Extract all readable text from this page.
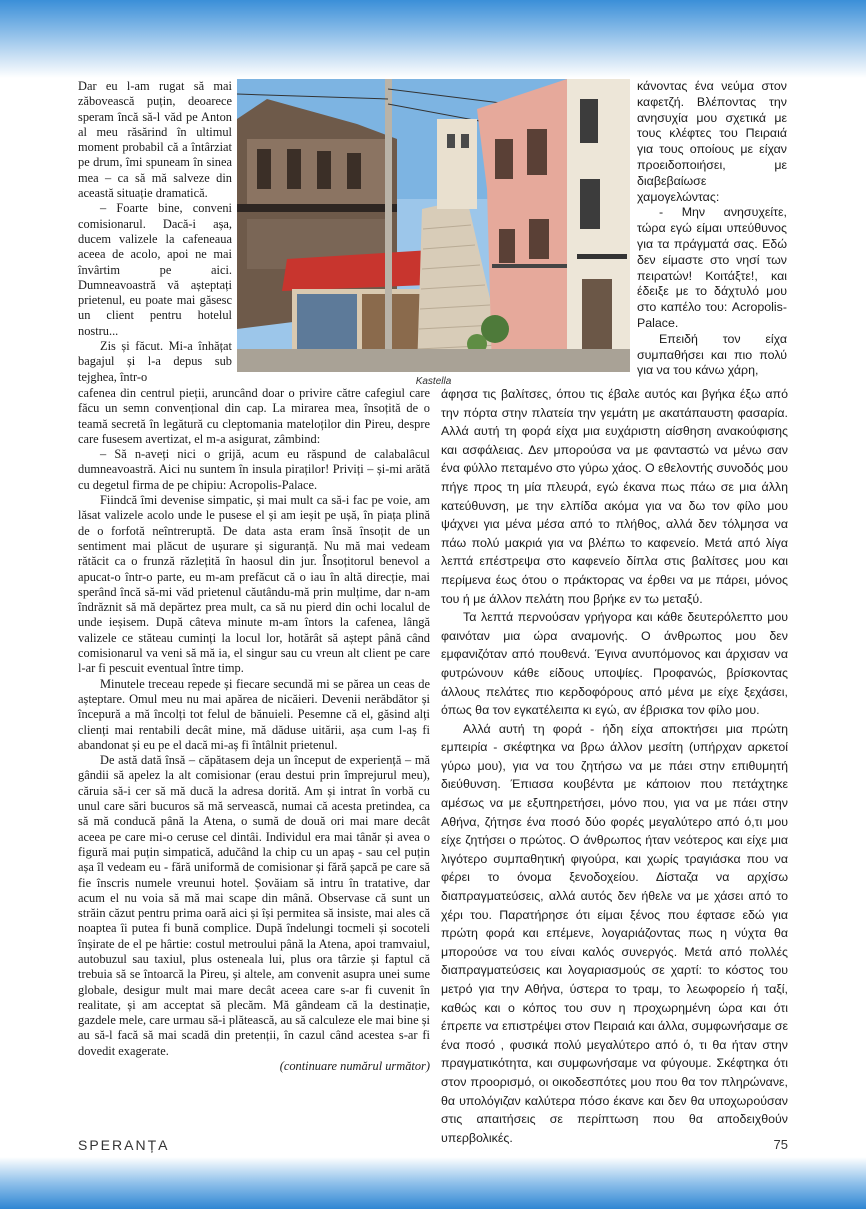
Dar eu l-am rugat să mai zăbovească puțin, deoarece speram încă să-l văd pe Anton al meu răsărind în ultimul moment probabil că a întârziat pe drum, îmi spuneam în sinea mea – ca să mă salveze din această situație dramatică.

– Foarte bine, conveni comisionarul. Dacă-i așa, ducem valizele la cafeneaua aceea de acolo, apoi ne mai învârtim pe aici. Dumneavoastră vă așteptați prietenul, eu poate mai găsesc un client pentru hotelul nostru...

Zis și făcut. Mi-a înhățat bagajul și l-a depus sub tejghea, într-o	Kastella

κάνοντας ένα νεύμα στον καφετζή. Βλέποντας την ανησυχία μου σχετικά με τους κλέφτες του Πειραιά για τους οποίους με είχαν προειδοποιήσει, με διαβεβαίωσε χαμογελώντας:

- Μην ανησυχείτε, τώρα εγώ είμαι υπεύθυνος για τα πράγματά σας. Εδώ δεν είμαστε στο νησί των πειρατών! Κοιτάξτε!, και έδειξε με το δάχτυλό μου στο καπέλο του: Acropolis-Palace.

Επειδή τον είχα συμπαθήσει και πιο πολύ για να του κάνω χάρη,

cafenea din centrul pieții, aruncând doar o privire către cafegiul care făcu un semn convențional din cap. La mirarea mea, însoțită de o teamă secretă în legătură cu cleptomania mateloților din Pireu, despre care fusesem avertizat, el m-a asigurat, zâmbind:

– Să n-aveți nici o grijă, acum eu răspund de calabalâcul dumneavoastră. Aici nu suntem în insula piraților! Priviți – și-mi arătă cu degetul firma de pe chipiu: Acropolis-Palace.

Fiindcă îmi devenise simpatic, și mai mult ca să-i fac pe voie, am lăsat valizele acolo unde le pusese el și am ieșit pe ușă, în piața plină de o forfotă neîntreruptă. De data asta eram însă însoțit de un sentiment mai plăcut de ușurare și siguranță. Nu mă mai vedeam rătăcit ca o frunză răzlețită în haosul din jur. Însoțitorul benevol a apucat-o într-o parte, eu m-am prefăcut că o iau în altă direcție, mai sperând încă să-mi văd prietenul căutându-mă prin mulțime, dar n-am îndrăznit să mă depărtez prea mult, ca să nu pierd din ochi localul de unde ieșisem. După câteva minute m-am întors la cafenea, lângă valizele ce stăteau cuminți la locul lor, hotărât să aștept până când comisionarul va veni să mă ia, el singur sau cu vreun alt client pe care l-ar fi pescuit eventual între timp.

Minutele treceau repede și fiecare secundă mi se părea un ceas de așteptare. Omul meu nu mai apărea de nicăieri. Devenii nerăbdător și începură a mă încolți tot felul de bănuieli. Pesemne că el, găsind alți clienți mai rentabili decât mine, mă dăduse uitării, așa cum l-aș fi abandonat și eu pe el dacă mi-aș fi întâlnit prietenul.

De astă dată însă – căpătasem deja un început de experiență – mă gândii să apelez la alt comisionar (erau destui prin împrejurul meu), căruia să-i cer să mă ducă la adresa dorită. Am și intrat în vorbă cu unul care sări bucuros să mă servească, numai că acesta pretindea, ca să mă conducă până la Atena, o sumă de două ori mai mare decât aceea pe care mi-o ceruse cel dintâi. Individul era mai tânăr și avea o figură mai puțin simpatică, adučând la chip cu un apaș - sau cel puțin așa îl vedeam eu - fără uniformă de comisionar și fără șapcă pe care să fie înscris numele vreunui hotel. Șovăiam să intru în tratative, dar acum el nu voia să mă mai scape din mână. Observase că sunt un străin căzut pentru prima oară aici și își permitea să insiste, mai ales că noaptea îi putea fi bună complice. După îndelungi tocmeli și socoteli înșirate de el pe hârtie: costul metroului până la Atena, apoi tramvaiul, autobuzul sau taxiul, plus osteneala lui, plus ora târzie și faptul că trebuia să se întoarcă la Pireu, și altele, am convenit asupra unei sume globale, desigur mult mai mare decât aceea care s-ar fi cuvenit în realitate, și am acceptat să plecăm. Mă gândeam că la destinație, gazdele mele, care urmau să-i plătească, au să calculeze ele mai bine și au să-l facă să mai scadă din pretenții, în cazul când acestea s-ar fi dovedit exagerate.

(continuare numărul următor)

άφησα τις βαλίτσες, όπου τις έβαλε αυτός και βγήκα έξω από την πόρτα στην πλατεία την γεμάτη με ακατάπαυστη φασαρία. Αλλά αυτή τη φορά είχα μια ευχάριστη αίσθηση ανακούφισης και ασφάλειας. Δεν μπορούσα να με φανταστώ να μένω σαν ένα φύλλο πεταμένο στο γύρω χάος. Ο εθελοντής συνοδός μου πήγε προς τη μία πλευρά, εγώ έκανα πως πάω σε μια άλλη κατεύθυνση, με την ελπίδα ακόμα για να δω τον φίλο μου ψάχνει για μένα μέσα από το πλήθος, αλλά δεν τόλμησα να πάω πολύ μακριά για να βλέπω το καφενείο. Μετά από λίγα λεπτά επέστρεψα στο καφενείο δίπλα στις βαλίτσες μου και περίμενα έως ότου ο πράκτορας να έρθει να με πάρει, μόνος του ή με άλλον πελάτη που βρήκε εν τω μεταξύ.

Τα λεπτά περνούσαν γρήγορα και κάθε δευτερόλεπτο μου φαινόταν μια ώρα αναμονής. Ο άνθρωπος μου δεν εμφανιζόταν από πουθενά. Έγινα ανυπόμονος και άρχισαν να φυτρώνουν κάθε είδους υποψίες. Προφανώς, βρίσκοντας άλλους πελάτες πιο κερδοφόρους από μένα με είχε ξεχάσει, όπως θα τον εγκατέλειπα κι εγώ, αν έβρισκα τον φίλο μου.

Αλλά αυτή τη φορά - ήδη είχα αποκτήσει μια πρώτη εμπειρία - σκέφτηκα να βρω άλλον μεσίτη (υπήρχαν αρκετοί γύρω μου), για να του ζητήσω να με πάει στην επιθυμητή διεύθυνση. Έπιασα κουβέντα με κάποιον που πετάχτηκε αμέσως να με εξυπηρετήσει, μόνο που, για να με πάει στην Αθήνα, ζήτησε ένα ποσό δύο φορές μεγαλύτερο από ό,τι μου είχε ζητήσει ο πρώτος. Ο άνθρωπος ήταν νεότερος και είχε μια λιγότερο συμπαθητική φιγούρα, και χωρίς τραγιάσκα που να φέρει το όνομα ξενοδοχείου. Δίσταζα να αρχίσω διαπραγματεύσεις, αλλά αυτός δεν ήθελε να με χάσει από το χέρι του. Παρατήρησε ότι είμαι ξένος που έφτασε εδώ για πρώτη φορά και επέμενε, λογαριάζοντας πως η νύχτα θα μπορούσε να του είναι καλός συνεργός. Μετά από πολλές διαπραγματεύσεις και λογαριασμούς σε χαρτί: το κόστος του μετρό για την Αθήνα, ύστερα το τραμ, το λεωφορείο ή ταξί, καθώς και ο κόπος του συν η προχωρημένη ώρα και ότι έπρεπε να επιστρέψει στον Πειραιά και άλλα, συμφωνήσαμε σε ένα ποσό , φυσικά πολύ μεγαλύτερο από ό, τι θα ήταν στην πραγματικότητα, και συμφωνήσαμε να φύγουμε. Σκέφτηκα ότι στον προορισμό, οι οικοδεσπότες μου που θα τον πληρώνανε, θα υπολόγιζαν καλύτερα πόσο έκανε και δεν θα υποχωρούσαν στις απαιτήσεις σε περίπτωση που θα αποδειχθούν υπερβολικές.

SPERANȚA	75
